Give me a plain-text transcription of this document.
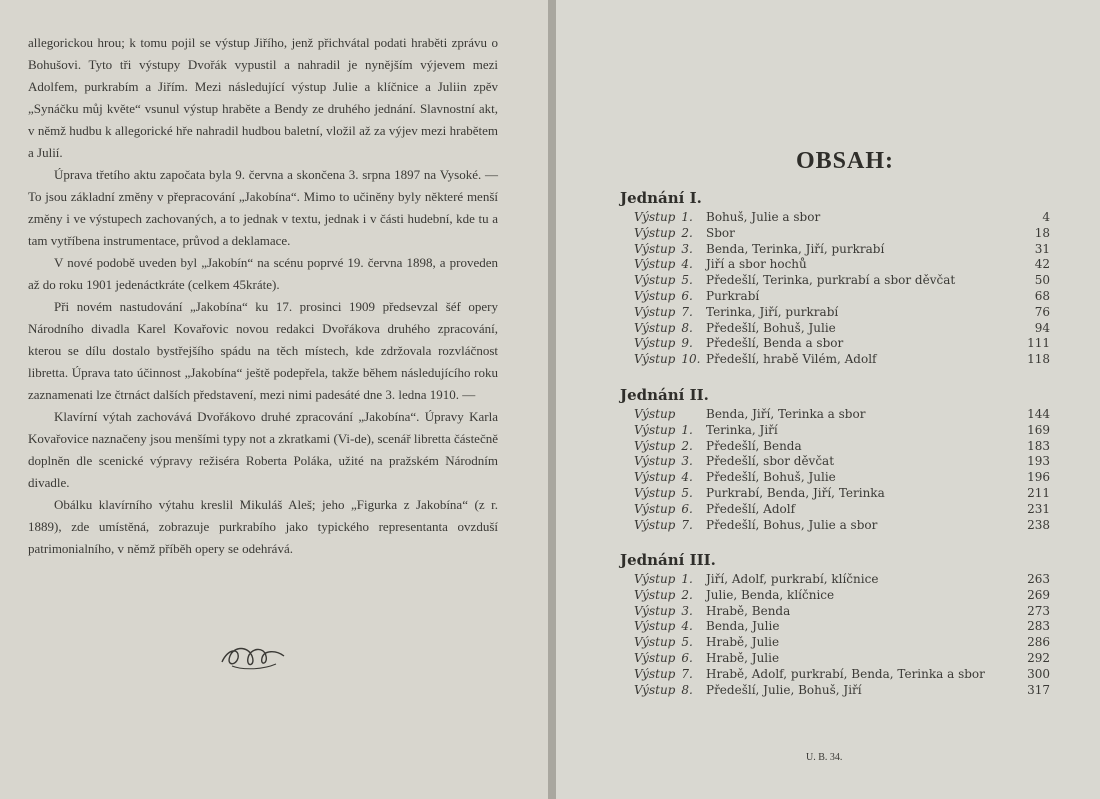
allegorickou hrou; k tomu pojil se výstup Jiřího, jenž přichvátal podati hraběti zprávu o Bohušovi. Tyto tři výstupy Dvořák vypustil a nahradil je nynějším výjevem mezi Adolfem, purkrabím a Jiřím. Mezi následující výstup Julie a klíčnice a Juliin zpěv „Synáčku můj květe“ vsunul výstup hraběte a Bendy ze druhého jednání. Slavnostní akt, v němž hudbu k allegorické hře nahradil hudbou baletní, vložil až za výjev mezi hrabětem a Julií.

Úprava třetího aktu započata byla 9. června a skončena 3. srpna 1897 na Vysoké. — To jsou základní změny v přepracování „Jakobína“. Mimo to učiněny byly některé menší změny i ve výstupech zachovaných, a to jednak v textu, jednak i v části hudební, kde tu a tam vytříbena instrumentace, průvod a deklamace.

V nové podobě uveden byl „Jakobín“ na scénu poprvé 19. června 1898, a proveden až do roku 1901 jedenáctkráte (celkem 45kráte).

Při novém nastudování „Jakobína“ ku 17. prosinci 1909 předsevzal šéf opery Národního divadla Karel Kovařovic novou redakci Dvořákova druhého zpracování, kterou se dílu dostalo bystřejšího spádu na těch místech, kde zdržovala rozvláčnost libretta. Úprava tato účinnost „Jakobína“ ještě podepřela, takže během následujícího roku zaznamenati lze čtrnáct dalších představení, mezi nimi padesáté dne 3. ledna 1910. —

Klavírní výtah zachovává Dvořákovo druhé zpracování „Jakobína“. Úpravy Karla Kovařovice naznačeny jsou menšími typy not a zkratkami (Vi-de), scenář libretta částečně doplněn dle scenické výpravy režiséra Roberta Poláka, užité na pražském Národním divadle.

Obálku klavírního výtahu kreslil Mikuláš Aleš; jeho „Figurka z Jakobína“ (z r. 1889), zde umístěná, zobrazuje purkrabího jako typického representanta ovzduší patrimonialního, v němž příběh opery se odehrává.

OBSAH:
Jednání I.
Výstup 1.	Bohuš, Julie a sbor	4
Výstup 2.	Sbor	18
Výstup 3.	Benda, Terinka, Jiří, purkrabí	31
Výstup 4.	Jiří a sbor hochů	42
Výstup 5.	Předešlí, Terinka, purkrabí a sbor děvčat	50
Výstup 6.	Purkrabí	68
Výstup 7.	Terinka, Jiří, purkrabí	76
Výstup 8.	Předešlí, Bohuš, Julie	94
Výstup 9.	Předešlí, Benda a sbor	111
Výstup 10. Předešlí, hrabě Vilém, Adolf	118
Jednání II.
Výstup	Benda, Jiří, Terinka a sbor	144
Výstup 1.	Terinka, Jiří	169
Výstup 2.	Předešlí, Benda	183
Výstup 3.	Předešlí, sbor děvčat	193
Výstup 4.	Předešlí, Bohuš, Julie	196
Výstup 5.	Purkrabí, Benda, Jiří, Terinka	211
Výstup 6.	Předešlí, Adolf	231
Výstup 7.	Předešlí, Bohus, Julie a sbor	238
Jednání III.
Výstup 1.	Jiří, Adolf, purkrabí, klíčnice	263
Výstup 2.	Julie, Benda, klíčnice	269
Výstup 3.	Hrabě, Benda	273
Výstup 4.	Benda, Julie	283
Výstup 5.	Hrabě, Julie	286
Výstup 6.	Hrabě, Julie	292
Výstup 7.	Hrabě, Adolf, purkrabí, Benda, Terinka a sbor	300
Výstup 8.	Předešlí, Julie, Bohuš, Jiří	317
U. B. 34.
